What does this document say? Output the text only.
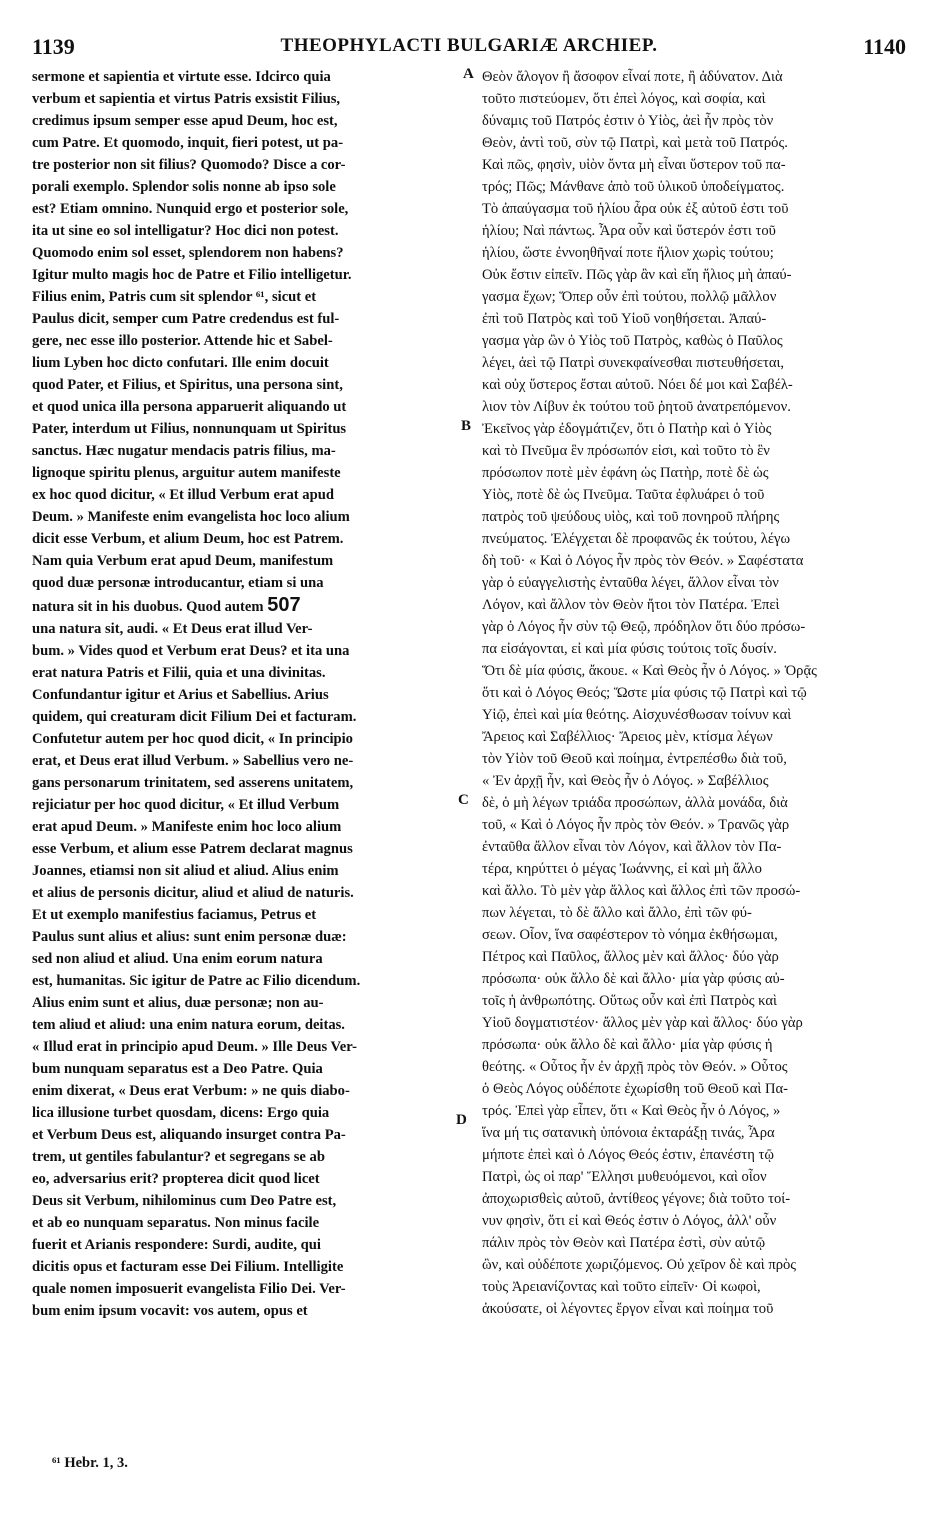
1139	THEOPHYLACTI BULGARIÆ ARCHIEP.	1140
sermone et sapientia et virtute esse. Idcirco quia
verbum et sapientia et virtus Patris exsistit Filius,
credimus ipsum semper esse apud Deum, hoc est,
cum Patre. Et quomodo, inquit, fieri potest, ut pa-
tre posterior non sit filius? Quomodo? Disce a cor-
porali exemplo. Splendor solis nonne ab ipso sole
est? Etiam omnino. Nunquid ergo et posterior sole,
ita ut sine eo sol intelligatur? Hoc dici non potest.
Quomodo enim sol esset, splendorem non habens?
Igitur multo magis hoc de Patre et Filio intelligetur.
Filius enim, Patris cum sit splendor ⁶¹, sicut et
Paulus dicit, semper cum Patre credendus est ful-
gere, nec esse illo posterior. Attende hic et Sabel-
lium Lyben hoc dicto confutari. Ille enim docuit
quod Pater, et Filius, et Spiritus, una persona sint,
et quod unica illa persona apparuerit aliquando ut
Pater, interdum ut Filius, nonnunquam ut Spiritus
sanctus. Hæc nugatur mendacis patris filius, ma-
lignoque spiritu plenus, arguitur autem manifeste
ex hoc quod dicitur, « Et illud Verbum erat apud
Deum. » Manifeste enim evangelista hoc loco alium
dicit esse Verbum, et alium Deum, hoc est Patrem.
Nam quia Verbum erat apud Deum, manifestum
quod duæ personæ introducantur, etiam si una
natura sit in his duobus. Quod autem 507
una natura sit, audi. « Et Deus erat illud Ver-
bum. » Vides quod et Verbum erat Deus? et ita una
erat natura Patris et Filii, quia et una divinitas.
Confundantur igitur et Arius et Sabellius. Arius
quidem, qui creaturam dicit Filium Dei et facturam.
Confutetur autem per hoc quod dicit, « In principio
erat, et Deus erat illud Verbum. » Sabellius vero ne-
gans personarum trinitatem, sed asserens unitatem,
rejiciatur per hoc quod dicitur, « Et illud Verbum
erat apud Deum. » Manifeste enim hoc loco alium
esse Verbum, et alium esse Patrem declarat magnus
Joannes, etiamsi non sit aliud et aliud. Alius enim
et alius de personis dicitur, aliud et aliud de naturis.
Et ut exemplo manifestius faciamus, Petrus et
Paulus sunt alius et alius: sunt enim personæ duæ:
sed non aliud et aliud. Una enim eorum natura
est, humanitas. Sic igitur de Patre ac Filio dicendum.
Alius enim sunt et alius, duæ personæ; non au-
tem aliud et aliud: una enim natura eorum, deitas.
« Illud erat in principio apud Deum. » Ille Deus Ver-
bum nunquam separatus est a Deo Patre. Quia
enim dixerat, « Deus erat Verbum: » ne quis diabo-
lica illusione turbet quosdam, dicens: Ergo quia
et Verbum Deus est, aliquando insurget contra Pa-
trem, ut gentiles fabulantur? et segregans se ab
eo, adversarius erit? propterea dicit quod licet
Deus sit Verbum, nihilominus cum Deo Patre est,
et ab eo nunquam separatus. Non minus facile
fuerit et Arianis respondere: Surdi, audite, qui
dicitis opus et facturam esse Dei Filium. Intelligite
quale nomen imposuerit evangelista Filio Dei. Ver-
bum enim ipsum vocavit: vos autem, opus et
A
B
C
D
Θεὸν ἄλογον ἢ ἄσοφον εἶναί ποτε, ἢ ἀδύνατον. Διὰ
τοῦτο πιστεύομεν, ὅτι ἐπεὶ λόγος, καὶ σοφία, καὶ
δύναμις τοῦ Πατρός ἐστιν ὁ Υἱὸς, ἀεὶ ἦν πρὸς τὸν
Θεὸν, ἀντὶ τοῦ, σὺν τῷ Πατρὶ, καὶ μετὰ τοῦ Πατρός.
Καὶ πῶς, φησὶν, υἱὸν ὄντα μὴ εἶναι ὕστερον τοῦ πα-
τρός; Πῶς; Μάνθανε ἀπὸ τοῦ ὑλικοῦ ὑποδείγματος.
Τὸ ἀπαύγασμα τοῦ ἡλίου ἆρα οὐκ ἐξ αὐτοῦ ἐστι τοῦ
ἡλίου; Ναὶ πάντως. Ἆρα οὖν καὶ ὕστερόν ἐστι τοῦ
ἡλίου, ὥστε ἐννοηθῆναί ποτε ἥλιον χωρὶς τούτου;
Οὐκ ἔστιν εἰπεῖν. Πῶς γὰρ ἂν καὶ εἴη ἥλιος μὴ ἀπαύ-
γασμα ἔχων; Ὅπερ οὖν ἐπὶ τούτου, πολλῷ μᾶλλον
ἐπὶ τοῦ Πατρὸς καὶ τοῦ Υἱοῦ νοηθήσεται. Ἀπαύ-
γασμα γὰρ ὢν ὁ Υἱὸς τοῦ Πατρὸς, καθὼς ὁ Παῦλος
λέγει, ἀεὶ τῷ Πατρὶ συνεκφαίνεσθαι πιστευθήσεται,
καὶ οὐχ ὕστερος ἔσται αὐτοῦ. Νόει δέ μοι καὶ Σαβέλ-
λιον τὸν Λίβυν ἐκ τούτου τοῦ ῥητοῦ ἀνατρεπόμενον.
Ἐκεῖνος γὰρ ἐδογμάτιζεν, ὅτι ὁ Πατὴρ καὶ ὁ Υἱὸς
καὶ τὸ Πνεῦμα ἓν πρόσωπόν εἰσι, καὶ τοῦτο τὸ ἓν
πρόσωπον ποτὲ μὲν ἐφάνη ὡς Πατὴρ, ποτὲ δὲ ὡς
Υἱὸς, ποτὲ δὲ ὡς Πνεῦμα. Ταῦτα ἐφλυάρει ὁ τοῦ
πατρὸς τοῦ ψεύδους υἱὸς, καὶ τοῦ πονηροῦ πλήρης
πνεύματος. Ἐλέγχεται δὲ προφανῶς ἐκ τούτου, λέγω
δὴ τοῦ· « Καὶ ὁ Λόγος ἦν πρὸς τὸν Θεόν. » Σαφέστατα
γὰρ ὁ εὐαγγελιστὴς ἐνταῦθα λέγει, ἄλλον εἶναι τὸν
Λόγον, καὶ ἄλλον τὸν Θεὸν ἤτοι τὸν Πατέρα. Ἐπεὶ
γὰρ ὁ Λόγος ἦν σὺν τῷ Θεῷ, πρόδηλον ὅτι δύο πρόσω-
πα εἰσάγονται, εἰ καὶ μία φύσις τούτοις τοῖς δυσίν.
Ὅτι δὲ μία φύσις, ἄκουε. « Καὶ Θεὸς ἦν ὁ Λόγος. » Ὁρᾷς
ὅτι καὶ ὁ Λόγος Θεός; Ὥστε μία φύσις τῷ Πατρὶ καὶ τῷ
Υἱῷ, ἐπεὶ καὶ μία θεότης. Αἰσχυνέσθωσαν τοίνυν καὶ
Ἄρειος καὶ Σαβέλλιος· Ἄρειος μὲν, κτίσμα λέγων
τὸν Υἱὸν τοῦ Θεοῦ καὶ ποίημα, ἐντρεπέσθω διὰ τοῦ,
« Ἐν ἀρχῇ ἦν, καὶ Θεὸς ἦν ὁ Λόγος. » Σαβέλλιος
δὲ, ὁ μὴ λέγων τριάδα προσώπων, ἀλλὰ μονάδα, διὰ
τοῦ, « Καὶ ὁ Λόγος ἦν πρὸς τὸν Θεόν. » Τρανῶς γὰρ
ἐνταῦθα ἄλλον εἶναι τὸν Λόγον, καὶ ἄλλον τὸν Πα-
τέρα, κηρύττει ὁ μέγας Ἰωάννης, εἰ καὶ μὴ ἄλλο
καὶ ἄλλο. Τὸ μὲν γὰρ ἄλλος καὶ ἄλλος ἐπὶ τῶν προσώ-
πων λέγεται, τὸ δὲ ἄλλο καὶ ἄλλο, ἐπὶ τῶν φύ-
σεων. Οἷον, ἵνα σαφέστερον τὸ νόημα ἐκθήσωμαι,
Πέτρος καὶ Παῦλος, ἄλλος μὲν καὶ ἄλλος· δύο γὰρ
πρόσωπα· οὐκ ἄλλο δὲ καὶ ἄλλο· μία γὰρ φύσις αὐ-
τοῖς ἡ ἀνθρωπότης. Οὕτως οὖν καὶ ἐπὶ Πατρὸς καὶ
Υἱοῦ δογματιστέον· ἄλλος μὲν γὰρ καὶ ἄλλος· δύο γὰρ
πρόσωπα· οὐκ ἄλλο δὲ καὶ ἄλλο· μία γὰρ φύσις ἡ
θεότης. « Οὗτος ἦν ἐν ἀρχῇ πρὸς τὸν Θεόν. » Οὗτος
ὁ Θεὸς Λόγος οὐδέποτε ἐχωρίσθη τοῦ Θεοῦ καὶ Πα-
τρός. Ἐπεὶ γὰρ εἶπεν, ὅτι « Καὶ Θεὸς ἦν ὁ Λόγος, »
ἵνα μή τις σατανικὴ ὑπόνοια ἐκταράξῃ τινάς, Ἆρα
μήποτε ἐπεὶ καὶ ὁ Λόγος Θεός ἐστιν, ἐπανέστη τῷ
Πατρὶ, ὡς οἱ παρ' Ἕλλησι μυθευόμενοι, καὶ οἷον
ἀποχωρισθεὶς αὐτοῦ, ἀντίθεος γέγονε; διὰ τοῦτο τοί-
νυν φησὶν, ὅτι εἰ καὶ Θεός ἐστιν ὁ Λόγος, ἀλλ' οὖν
πάλιν πρὸς τὸν Θεὸν καὶ Πατέρα ἐστὶ, σὺν αὐτῷ
ὢν, καὶ οὐδέποτε χωριζόμενος. Οὐ χεῖρον δὲ καὶ πρὸς
τοὺς Ἀρειανίζοντας καὶ τοῦτο εἰπεῖν· Οἱ κωφοὶ,
ἀκούσατε, οἱ λέγοντες ἔργον εἶναι καὶ ποίημα τοῦ
⁶¹ Hebr. 1, 3.
